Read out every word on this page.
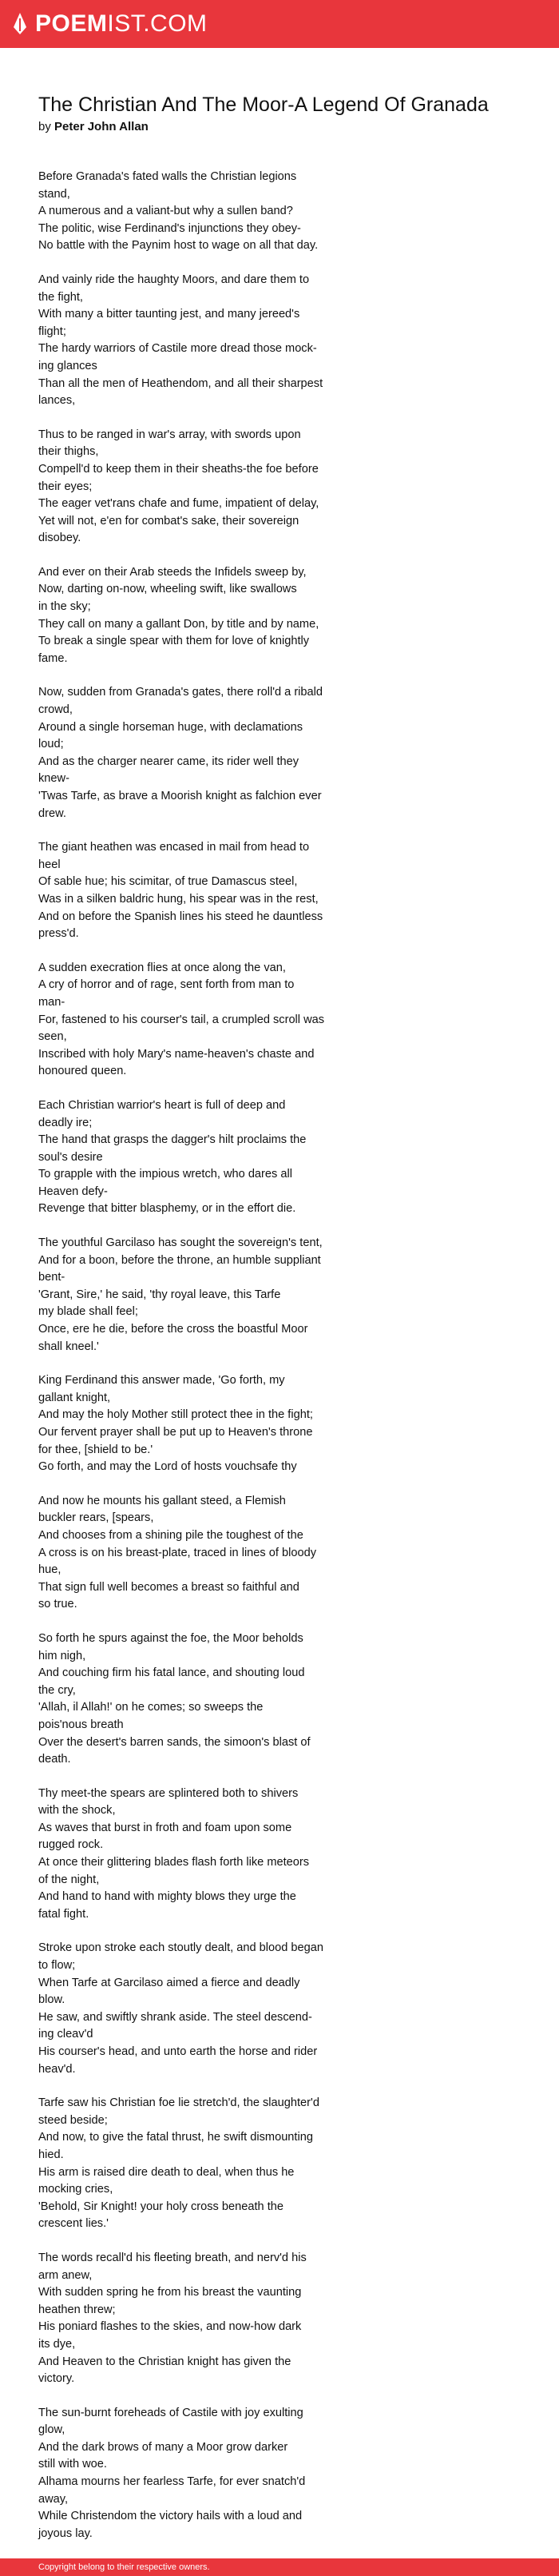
POEMIST.COM
The Christian And The Moor-A Legend Of Granada
by Peter John Allan

Before Granada's fated walls the Christian legions
stand,
A numerous and a valiant-but why a sullen band?
The politic, wise Ferdinand's injunctions they obey-
No battle with the Paynim host to wage on all that day.

And vainly ride the haughty Moors, and dare them to
the fight,
With many a bitter taunting jest, and many jereed's
flight;
The hardy warriors of Castile more dread those mock-
ing glances
Than all the men of Heathendom, and all their sharpest
lances,

Thus to be ranged in war's array, with swords upon
their thighs,
Compell'd to keep them in their sheaths-the foe before
their eyes;
The eager vet'rans chafe and fume, impatient of delay,
Yet will not, e'en for combat's sake, their sovereign
disobey.

And ever on their Arab steeds the Infidels sweep by,
Now, darting on-now, wheeling swift, like swallows
in the sky;
They call on many a gallant Don, by title and by name,
To break a single spear with them for love of knightly
fame.

Now, sudden from Granada's gates, there roll'd a ribald
crowd,
Around a single horseman huge, with declamations
loud;
And as the charger nearer came, its rider well they
knew-
'Twas Tarfe, as brave a Moorish knight as falchion ever
drew.

The giant heathen was encased in mail from head to
heel
Of sable hue; his scimitar, of true Damascus steel,
Was in a silken baldric hung, his spear was in the rest,
And on before the Spanish lines his steed he dauntless
press'd.

A sudden execration flies at once along the van,
A cry of horror and of rage, sent forth from man to
man-
For, fastened to his courser's tail, a crumpled scroll was
seen,
Inscribed with holy Mary's name-heaven's chaste and
honoured queen.

Each Christian warrior's heart is full of deep and
deadly ire;
The hand that grasps the dagger's hilt proclaims the
soul's desire
To grapple with the impious wretch, who dares all
Heaven defy-
Revenge that bitter blasphemy, or in the effort die.

The youthful Garcilaso has sought the sovereign's tent,
And for a boon, before the throne, an humble suppliant
bent-
'Grant, Sire,' he said, 'thy royal leave, this Tarfe
my blade shall feel;
Once, ere he die, before the cross the boastful Moor
shall kneel.'

King Ferdinand this answer made, 'Go forth, my
gallant knight,
And may the holy Mother still protect thee in the fight;
Our fervent prayer shall be put up to Heaven's throne
for thee, [shield to be.'
Go forth, and may the Lord of hosts vouchsafe thy

And now he mounts his gallant steed, a Flemish
buckler rears, [spears,
And chooses from a shining pile the toughest of the
A cross is on his breast-plate, traced in lines of bloody
hue,
That sign full well becomes a breast so faithful and
so true.

So forth he spurs against the foe, the Moor beholds
him nigh,
And couching firm his fatal lance, and shouting loud
the cry,
'Allah, il Allah!' on he comes; so sweeps the
pois'nous breath
Over the desert's barren sands, the simoon's blast of
death.

Thy meet-the spears are splintered both to shivers
with the shock,
As waves that burst in froth and foam upon some
rugged rock.
At once their glittering blades flash forth like meteors
of the night,
And hand to hand with mighty blows they urge the
fatal fight.

Stroke upon stroke each stoutly dealt, and blood began
to flow;
When Tarfe at Garcilaso aimed a fierce and deadly
blow.
He saw, and swiftly shrank aside. The steel descend-
ing cleav'd
His courser's head, and unto earth the horse and rider
heav'd.

Tarfe saw his Christian foe lie stretch'd, the slaughter'd
steed beside;
And now, to give the fatal thrust, he swift dismounting
hied.
His arm is raised dire death to deal, when thus he
mocking cries,
'Behold, Sir Knight! your holy cross beneath the
crescent lies.'

The words recall'd his fleeting breath, and nerv'd his
arm anew,
With sudden spring he from his breast the vaunting
heathen threw;
His poniard flashes to the skies, and now-how dark
its dye,
And Heaven to the Christian knight has given the
victory.

The sun-burnt foreheads of Castile with joy exulting
glow,
And the dark brows of many a Moor grow darker
still with woe.
Alhama mourns her fearless Tarfe, for ever snatch'd
away,
While Christendom the victory hails with a loud and
joyous lay.

Copyright belong to their respective owners.
